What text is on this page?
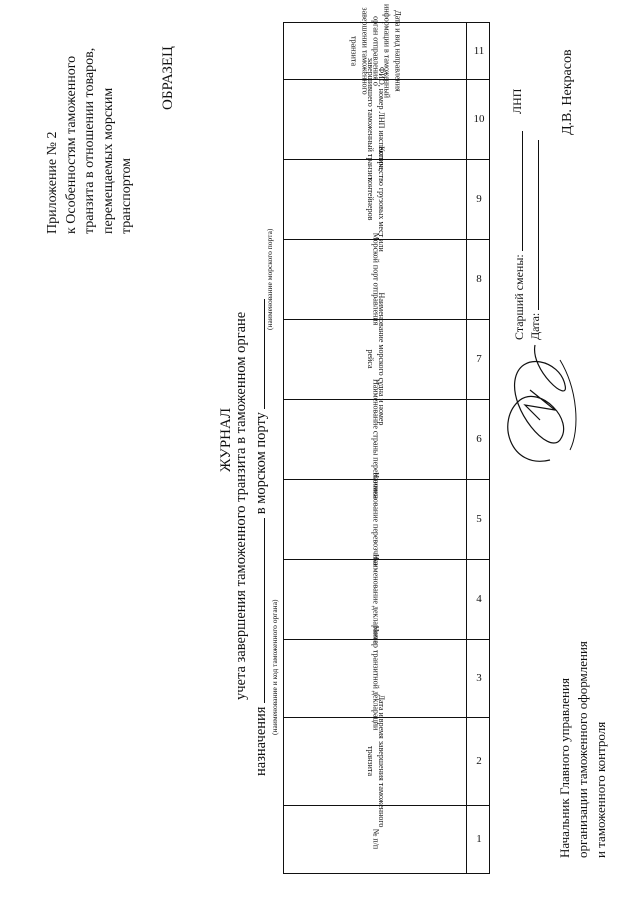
Приложение № 2 к Особенностям таможенного транзита в отношении товаров, перемещаемых морским транспортом
ОБРАЗЕЦ
ЖУРНАЛ учета завершения таможенного транзита в таможенном органе
назначения  в морском порту
(наименование и код таможенного органа)
(наименование морского порта)
№ п/п	1
Дата и время завершения таможенного транзита	2
Номер транзитной декларации	3
Наименование декларанта	4
Наименование перевозчика	5
Наименование страны перевозчика	6
Наименование морского судна и номер рейса	7
Морской порт отправления	8
Количество грузовых мест или контейнеров	9
ФИО, номер ЛНП инспектора, завершившего таможенный транзит	10
Дата и вид направления информации в таможенный орган отправления о завершении таможенного транзита	11
Начальник Главного управления организации таможенного оформления и таможенного контроля
Старший смены: Дата:
ЛНП	Д.В. Некрасов
